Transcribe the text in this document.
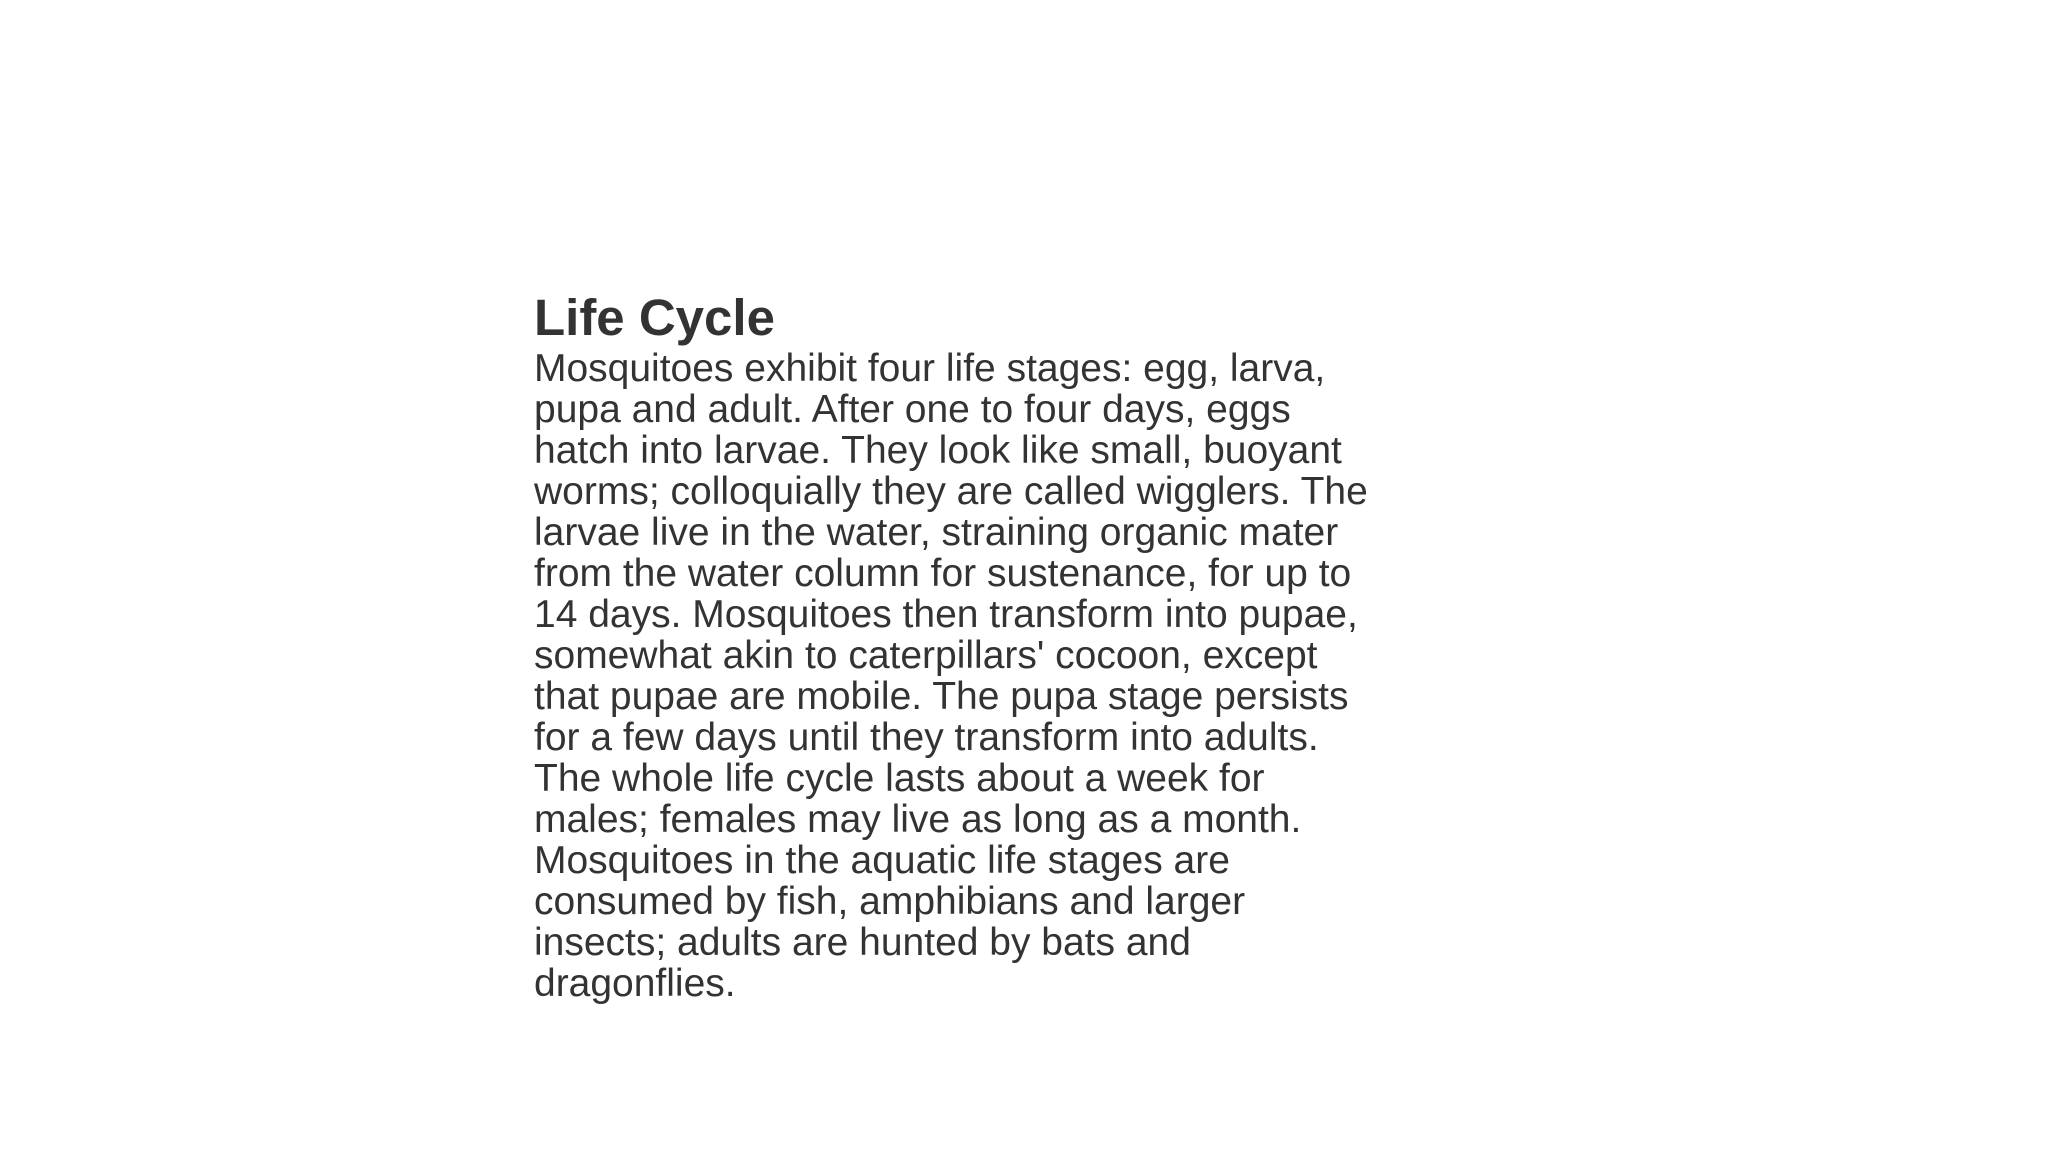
Life Cycle

Mosquitoes exhibit four life stages: egg, larva,
pupa and adult. After one to four days, eggs
hatch into larvae. They look like small, buoyant
worms; colloquially they are called wigglers. The
larvae live in the water, straining organic mater
from the water column for sustenance, for up to
14 days. Mosquitoes then transform into pupae,
somewhat akin to caterpillars' cocoon, except
that pupae are mobile. The pupa stage persists
for a few days until they transform into adults.
The whole life cycle lasts about a week for
males; females may live as long as a month.
Mosquitoes in the aquatic life stages are
consumed by fish, amphibians and larger
insects; adults are hunted by bats and
dragonflies.
